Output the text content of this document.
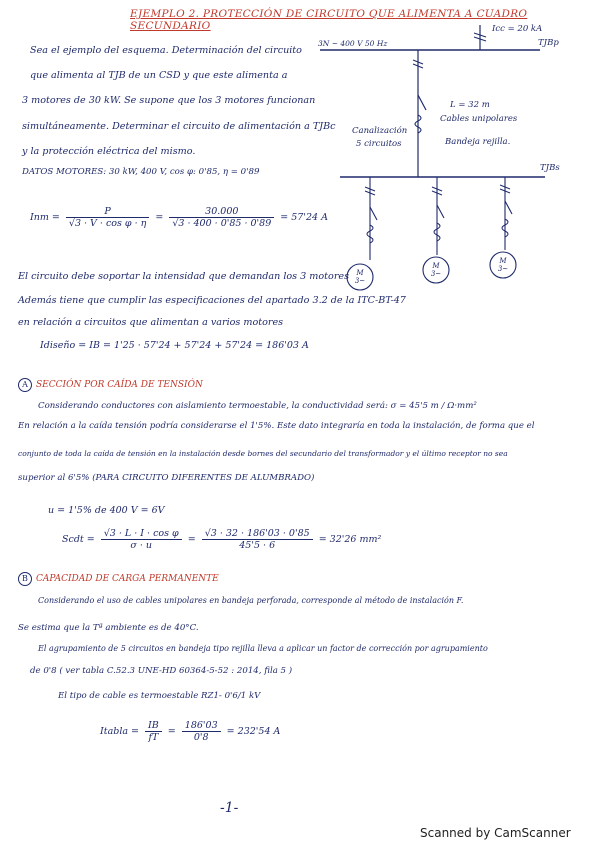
EJEMPLO 2. PROTECCIÓN DE CIRCUITO QUE ALIMENTA A CUADRO SECUNDARIO
Sea el ejemplo del esquema. Determinación del circuito
que alimenta al TJB de un CSD y que este alimenta a
3 motores de 30 kW. Se supone que los 3 motores funcionan
simultáneamente. Determinar el circuito de alimentación a TJBc
y la protección eléctrica del mismo.
DATOS MOTORES: 30 kW, 400 V, cos φ: 0'85, η = 0'89
3N ~ 400 V 50 Hz
Icc = 20 kA
TJBp
TJBs
L = 32 m
Cables unipolares
Bandeja rejilla.
Canalización
5 circuitos
M
3~
M
3~
M
3~
Inm = $\frac{P}{\text{√3 · V · cos φ · η}} = \frac{30.000}{√3 \cdot 400 \cdot 0'85 \cdot 0'89} = 57'24$ A
El circuito debe soportar la intensidad que demandan los 3 motores
Además tiene que cumplir las especificaciones del apartado 3.2 de la ITC-BT-47
en relación a circuitos que alimentan a varios motores
Idiseño = IB = 1'25 · 57'24 + 57'24 + 57'24 = 186'03 A
A SECCIÓN POR CAÍDA DE TENSIÓN
Considerando conductores con aislamiento termoestable, la conductividad será: σ = 45'5 m / Ω·mm²
En relación a la caída tensión podría considerarse el 1'5%. Este dato integraría en toda la instalación, de forma que el
conjunto de toda la caída de tensión en la instalación desde bornes del secundario del transformador y el último receptor no sea
superior al 6'5% (PARA CIRCUITO DIFERENTES DE ALUMBRADO)
u = 1'5% de 400 V = 6V
Scdt = $\frac{\text{√3 · L · I · cos φ}}{\sigma \cdot u} = \frac{√3 \cdot 32 \cdot 186'03 \cdot 0'85}{45'5 \cdot 6} = 32'26$ mm²
B CAPACIDAD DE CARGA PERMANENTE
Considerando el uso de cables unipolares en bandeja perforada, corresponde al método de instalación F.
Se estima que la Tª ambiente es de 40°C.
El agrupamiento de 5 circuitos en bandeja tipo rejilla lleva a aplicar un factor de corrección por agrupamiento
de 0'8 ( ver tabla C.52.3 UNE-HD 60364-5-52 : 2014, fila 5 )
El tipo de cable es termoestable RZ1- 0'6/1 kV
Itabla = $\frac{IB}{fT} = \frac{186'03}{0'8} = 232'54$ A
-1-
Scanned by CamScanner
